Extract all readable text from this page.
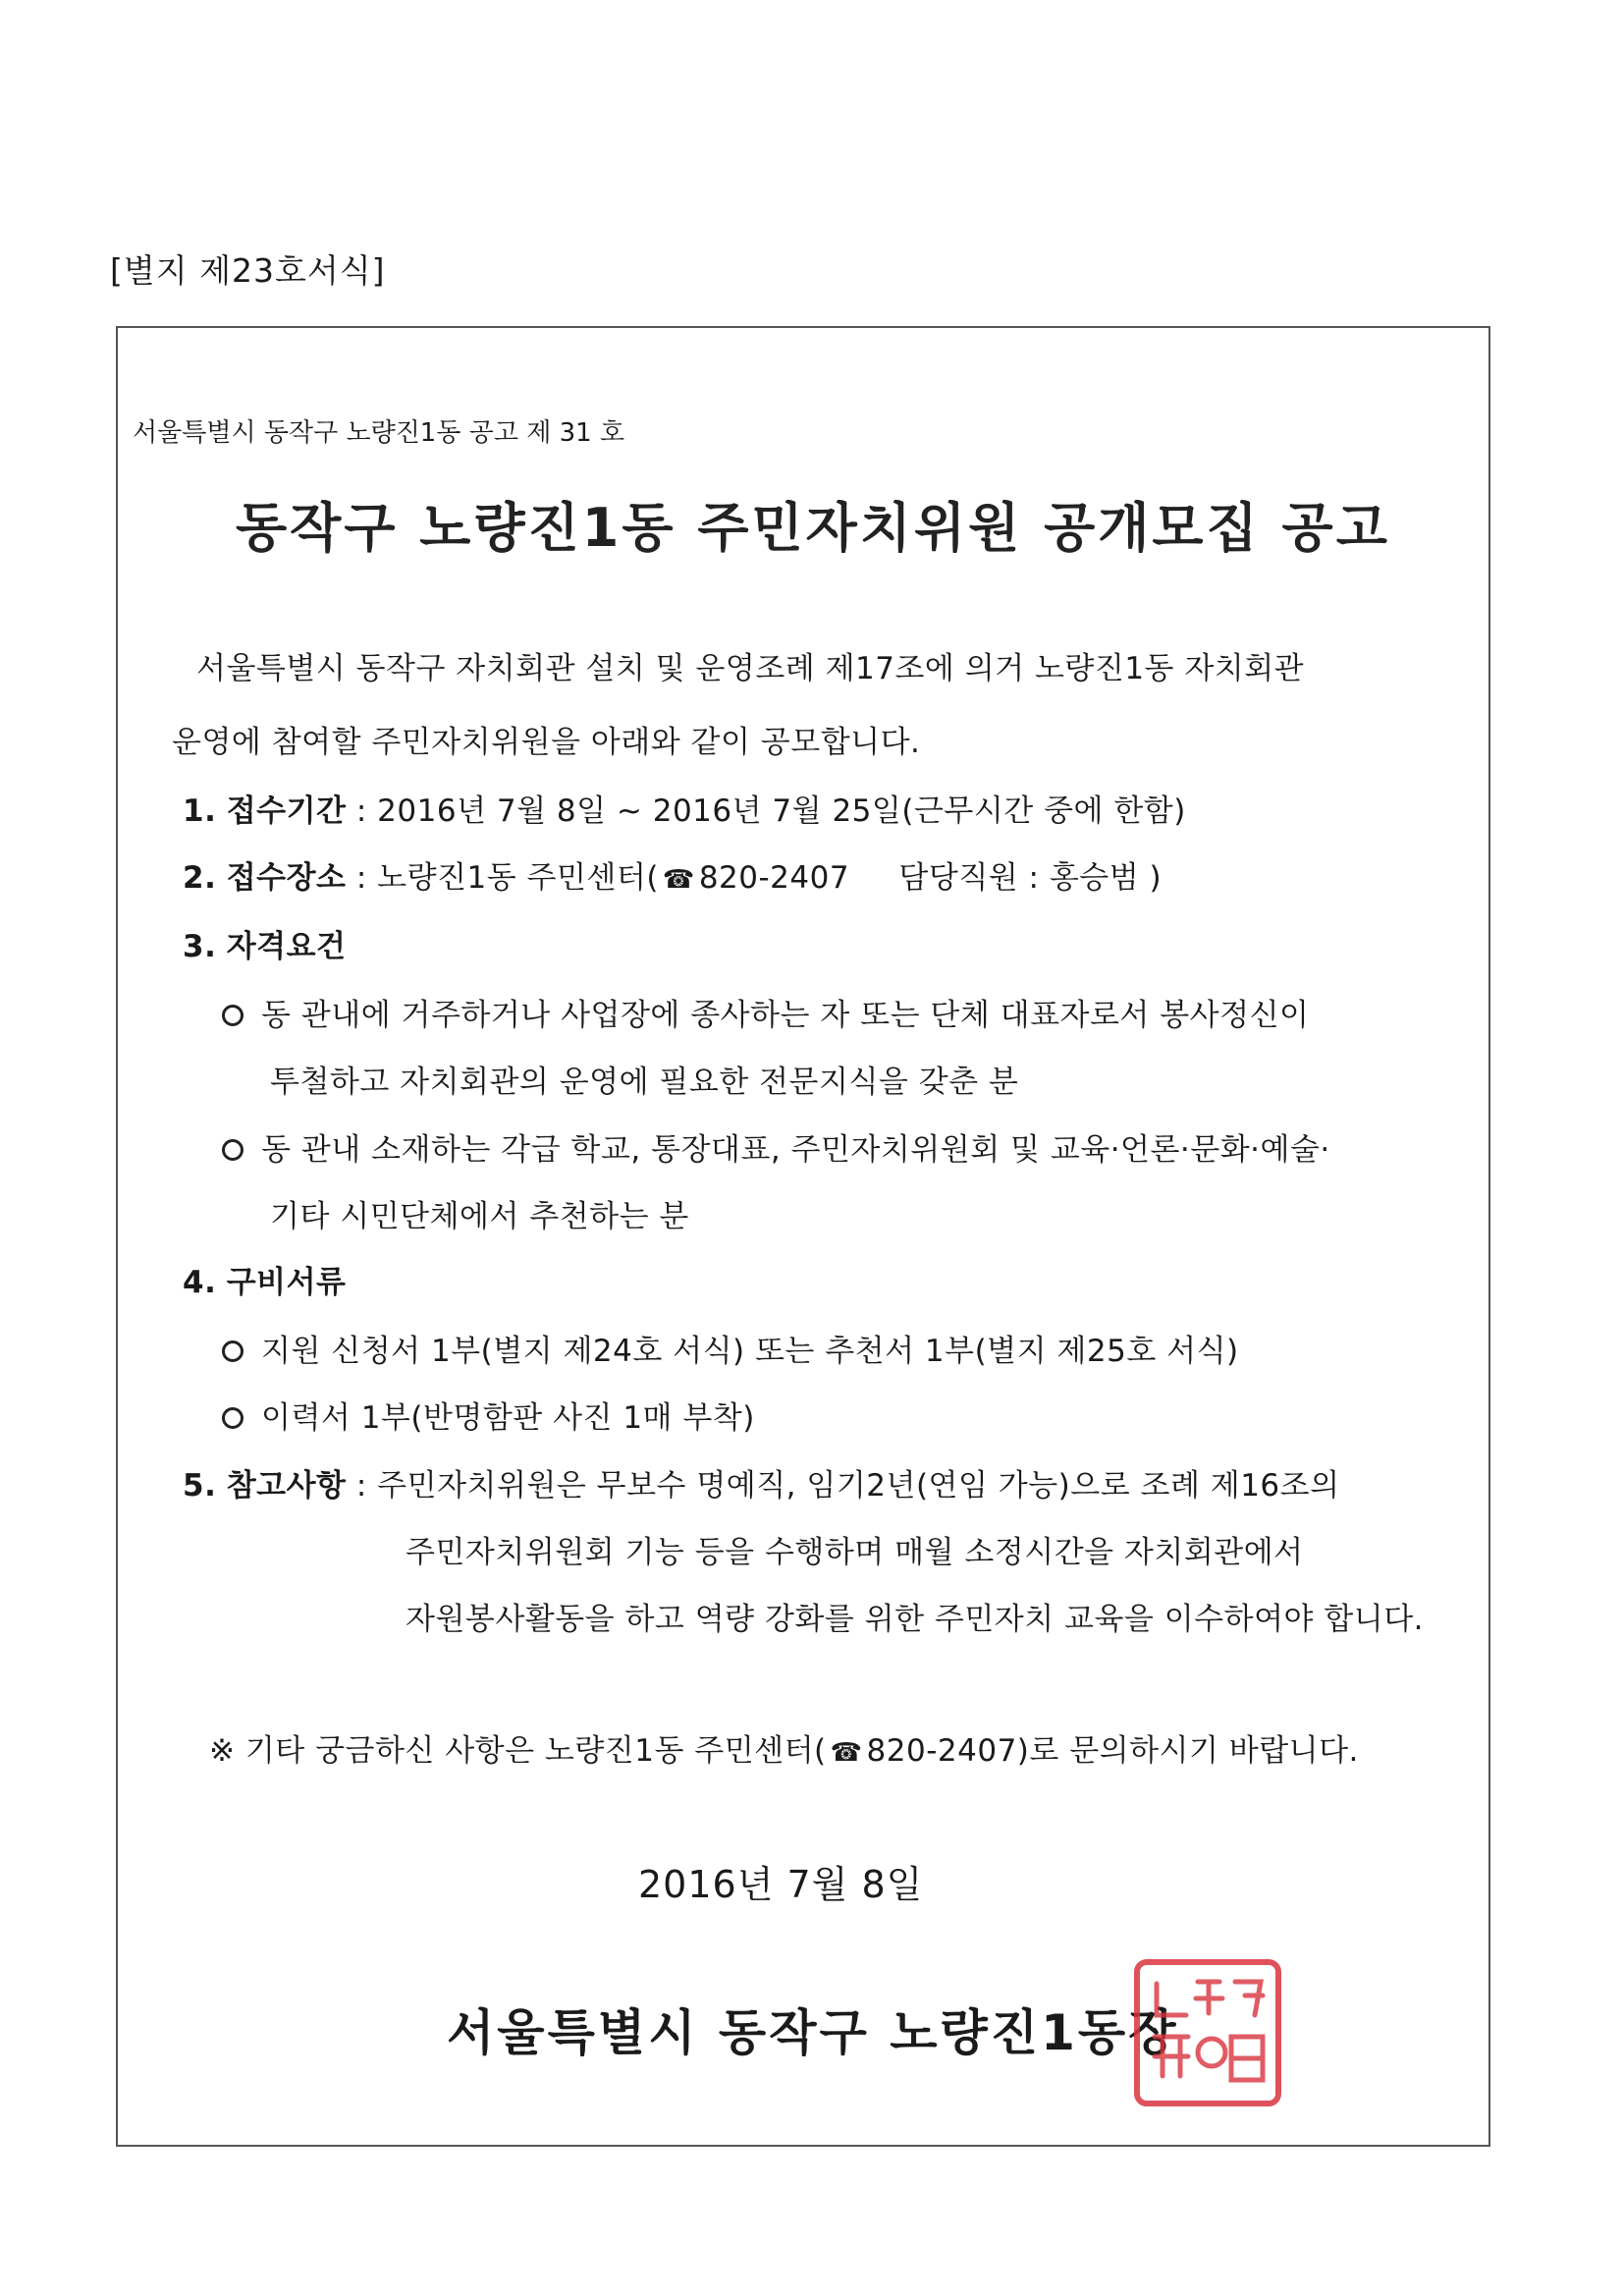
[별지 제23호서식]
서울특별시 동작구 노량진1동 공고 제 31 호
동작구 노량진1동 주민자치위원 공개모집 공고
서울특별시 동작구 자치회관 설치 및 운영조례 제17조에 의거 노량진1동 자치회관
운영에 참여할 주민자치위원을 아래와 같이 공모합니다.
1. 접수기간 : 2016년 7월 8일 ~ 2016년 7월 25일(근무시간 중에 한함)
2. 접수장소 : 노량진1동 주민센터( ☎ 820-2407 담당직원 : 홍승범 )
3. 자격요건
동 관내에 거주하거나 사업장에 종사하는 자 또는 단체 대표자로서 봉사정신이
투철하고 자치회관의 운영에 필요한 전문지식을 갖춘 분
동 관내 소재하는 각급 학교, 통장대표, 주민자치위원회 및 교육·언론·문화·예술·
기타 시민단체에서 추천하는 분
4. 구비서류
지원 신청서 1부(별지 제24호 서식) 또는 추천서 1부(별지 제25호 서식)
이력서 1부(반명함판 사진 1매 부착)
5. 참고사항 : 주민자치위원은 무보수 명예직, 임기2년(연임 가능)으로 조례 제16조의
주민자치위원회 기능 등을 수행하며 매월 소정시간을 자치회관에서
자원봉사활동을 하고 역량 강화를 위한 주민자치 교육을 이수하여야 합니다.
※ 기타 궁금하신 사항은 노량진1동 주민센터( ☎ 820-2407)로 문의하시기 바랍니다.
2016년 7월 8일
서울특별시 동작구 노량진1동장
